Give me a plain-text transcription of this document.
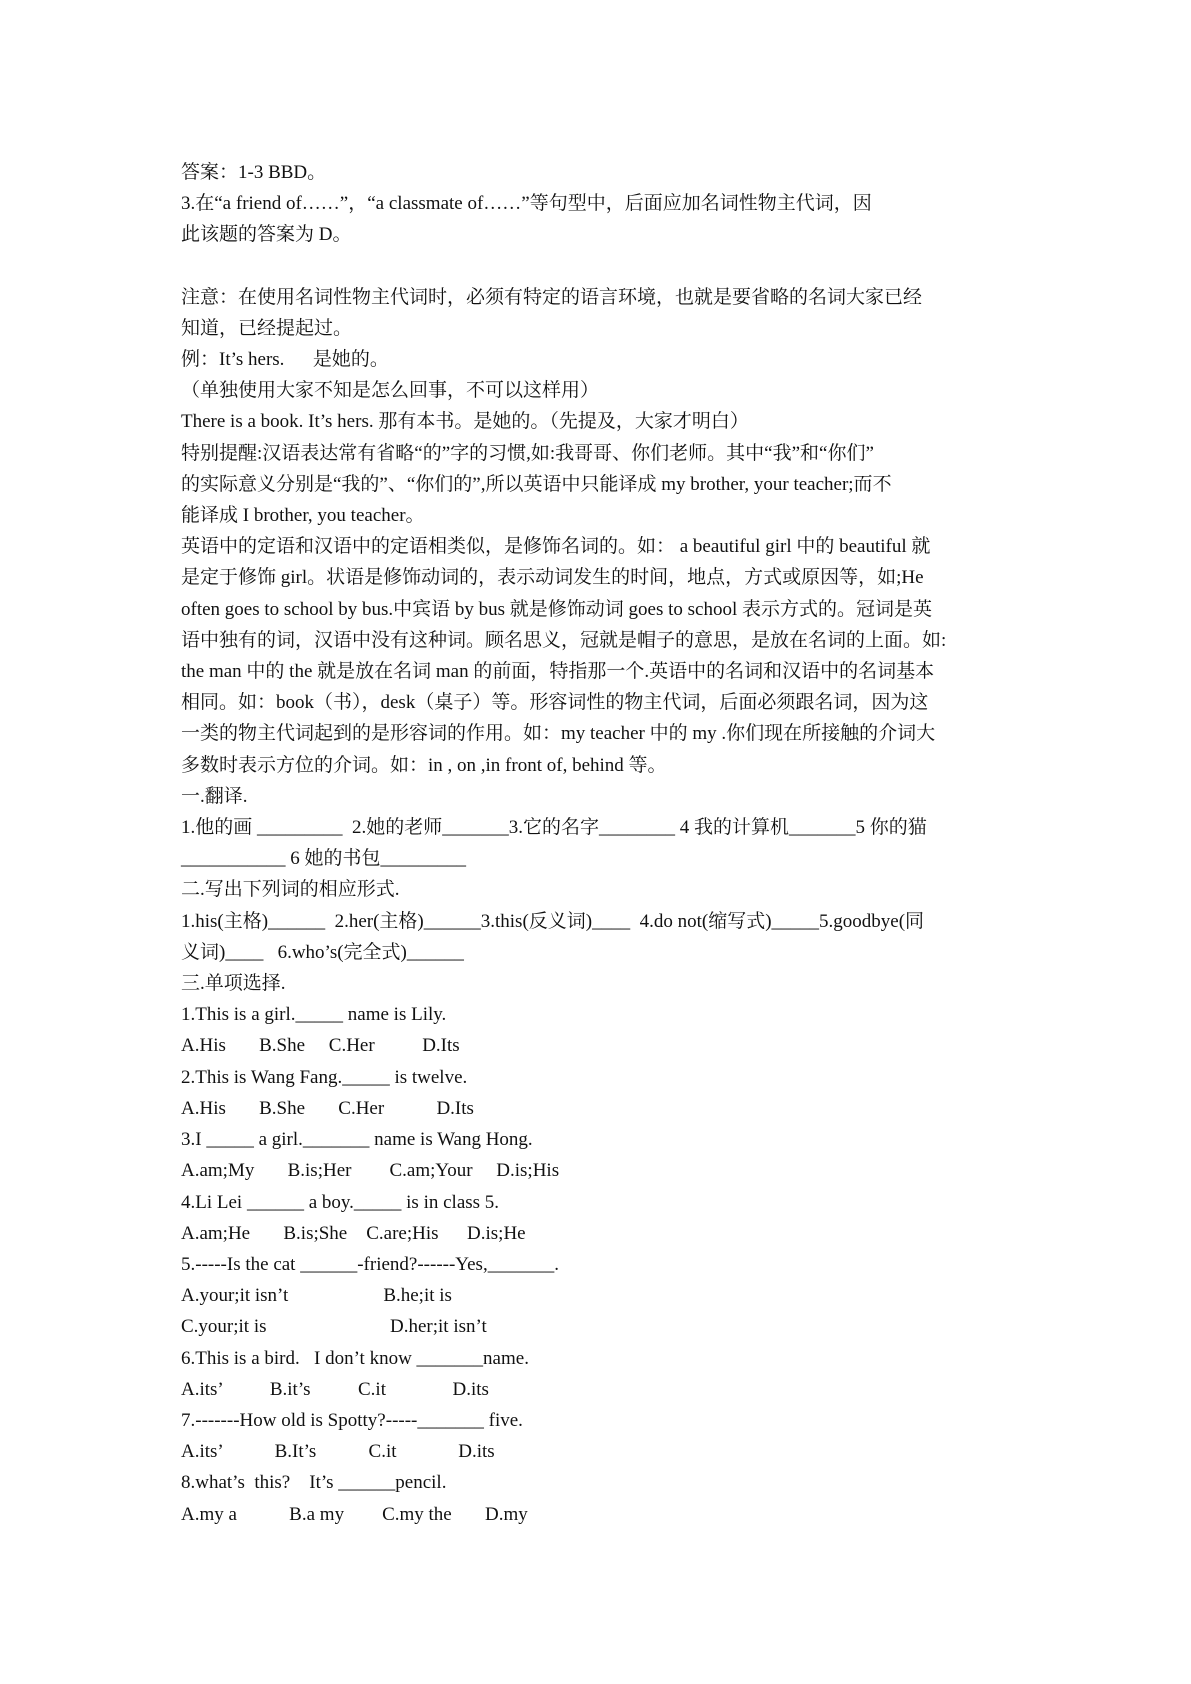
答案：1-3 BBD。
3.在“a friend of……”，“a classmate of……”等句型中，后面应加名词性物主代词，因
此该题的答案为 D。
注意：在使用名词性物主代词时，必须有特定的语言环境，也就是要省略的名词大家已经
知道，已经提起过。
例：It’s hers.      是她的。
（单独使用大家不知是怎么回事，不可以这样用）
There is a book. It’s hers. 那有本书。是她的。（先提及，大家才明白）
特别提醒:汉语表达常有省略“的”字的习惯,如:我哥哥、你们老师。其中“我”和“你们”
的实际意义分别是“我的”、“你们的”,所以英语中只能译成 my brother, your teacher;而不
能译成 I brother, you teacher。
英语中的定语和汉语中的定语相类似，是修饰名词的。如： a beautiful girl 中的 beautiful 就
是定于修饰 girl。状语是修饰动词的，表示动词发生的时间，地点，方式或原因等，如;He
often goes to school by bus.中宾语 by bus 就是修饰动词 goes to school 表示方式的。冠词是英
语中独有的词，汉语中没有这种词。顾名思义，冠就是帽子的意思，是放在名词的上面。如:
the man 中的 the 就是放在名词 man 的前面，特指那一个.英语中的名词和汉语中的名词基本
相同。如：book（书），desk（桌子）等。形容词性的物主代词，后面必须跟名词，因为这
一类的物主代词起到的是形容词的作用。如：my teacher 中的 my .你们现在所接触的介词大
多数时表示方位的介词。如：in , on ,in front of, behind 等。
一.翻译.
1.他的画 _________  2.她的老师_______3.它的名字________ 4 我的计算机_______5 你的猫
___________ 6 她的书包_________
二.写出下列词的相应形式.
1.his(主格)______  2.her(主格)______3.this(反义词)____  4.do not(缩写式)_____5.goodbye(同
义词)____   6.who’s(完全式)______
三.单项选择.
1.This is a girl._____ name is Lily.
A.His       B.She     C.Her          D.Its
2.This is Wang Fang._____ is twelve.
A.His       B.She       C.Her           D.Its
3.I _____ a girl._______ name is Wang Hong.
A.am;My       B.is;Her        C.am;Your     D.is;His
4.Li Lei ______ a boy._____ is in class 5.
A.am;He       B.is;She    C.are;His      D.is;He
5.-----Is the cat ______-friend?------Yes,_______.
A.your;it isn’t                    B.he;it is
C.your;it is                          D.her;it isn’t
6.This is a bird.   I don’t know _______name.
A.its’          B.it’s          C.it              D.its
7.-------How old is Spotty?-----_______ five.
A.its’           B.It’s           C.it             D.its
8.what’s  this?    It’s ______pencil.
A.my a           B.a my        C.my the       D.my
